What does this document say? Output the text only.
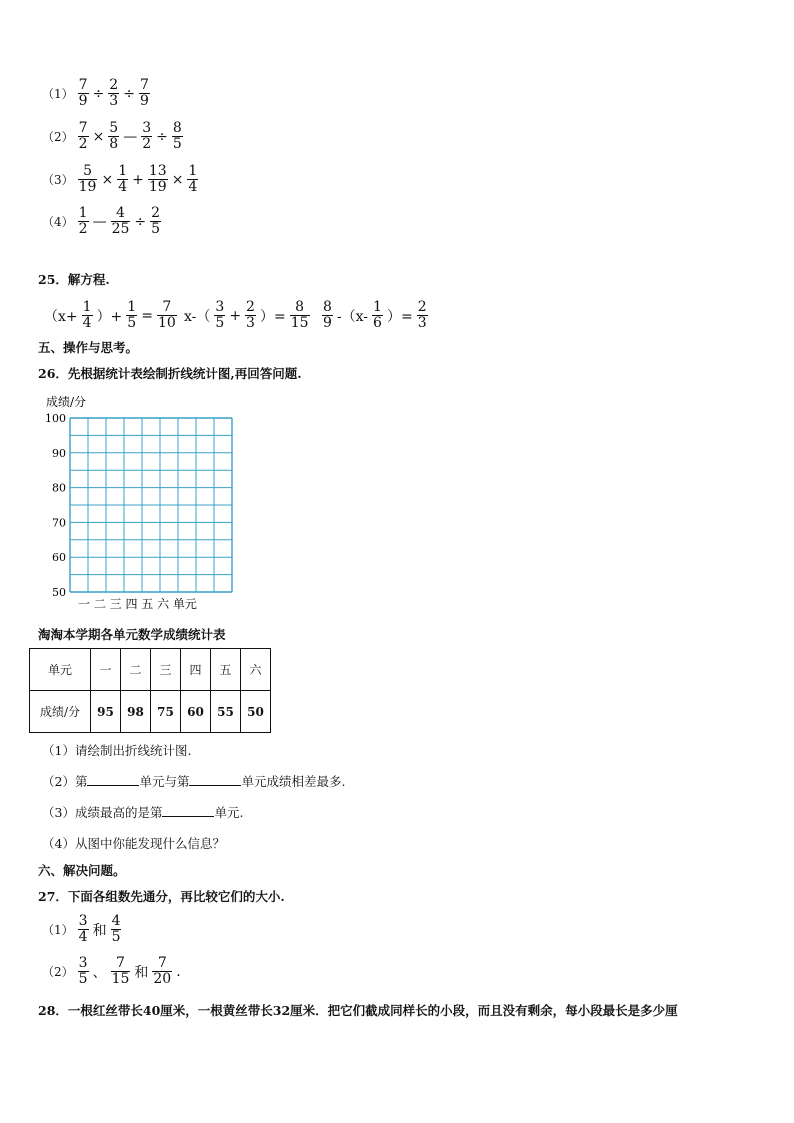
$(1) \frac{7}{9} \div \frac{2}{3} \div \frac{7}{9}$
$(2) \frac{7}{2} \times \frac{5}{8}$ — $\frac{3}{2} \div \frac{8}{5}$
$(3) \frac{5}{19} \times \frac{1}{4} + \frac{13}{19} \times \frac{1}{4}$
$(4) \frac{1}{2}$ — $\frac{4}{25} \div \frac{2}{5}$
25．解方程.
（$x+ \frac{1}{4}$ ）+ $\frac{1}{5} = \frac{7}{10} x-( \frac{3}{5} + \frac{2}{3}$ ）= $\frac{8}{15} \frac{8}{9} -(x- \frac{1}{6}$ ）= $\frac{2}{3}$
五、操作与思考。
26．先根据统计表绘制折线统计图,再回答问题.
成绩/分
100
90
80
70
60
50
一 二 三 四 五 六 单元
淘淘本学期各单元数学成绩统计表
单元	一	二	三	四	五	六
成绩/分	95	98	75	60	55	50
（1）请绘制出折线统计图.
（2）第	单元与第	单元成绩相差最多.
（3）成绩最高的是第	单元.
（4）从图中你能发现什么信息？
六、解决问题。
27．下面各组数先通分，再比较它们的大小.
$(1) \frac{3}{4}$ 和 $\frac{4}{5}$
$(2) \frac{3}{5}$ 、 $\frac{7}{15}$ 和 $\frac{7}{20}$ .
28．一根红丝带长40厘米，一根黄丝带长32厘米．把它们截成同样长的小段，而且没有剩余，每小段最长是多少厘
